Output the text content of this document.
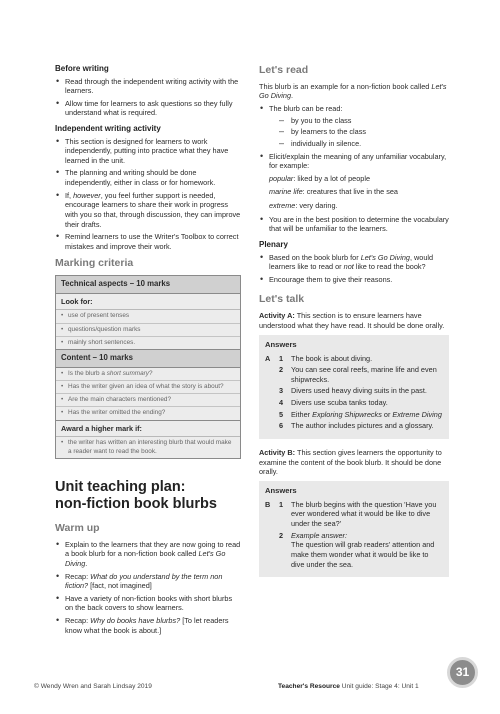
Before writing
• Read through the independent writing activity with the learners.
• Allow time for learners to ask questions so they fully understand what is required.
Independent writing activity
• This section is designed for learners to work independently, putting into practice what they have learned in the unit.
• The planning and writing should be done independently, either in class or for homework.
• If, however, you feel further support is needed, encourage learners to share their work in progress with you so that, through discussion, they can improve their drafts.
• Remind learners to use the Writer's Toolbox to correct mistakes and improve their work.
Marking criteria
Technical aspects – 10 marks
Look for:
• use of present tenses
• questions/question marks
• mainly short sentences.
Content – 10 marks
• Is the blurb a short summary?
• Has the writer given an idea of what the story is about?
• Are the main characters mentioned?
• Has the writer omitted the ending?
Award a higher mark if:
• the writer has written an interesting blurb that would make a reader want to read the book.
Unit teaching plan:
non-fiction book blurbs
Warm up
• Explain to the learners that they are now going to read a book blurb for a non-fiction book called Let's Go Diving.
• Recap: What do you understand by the term non fiction? [fact, not imagined]
• Have a variety of non-fiction books with short blurbs on the back covers to show learners.
• Recap: Why do books have blurbs? [To let readers know what the book is about.]
Let's read

This blurb is an example for a non-fiction book called Let's Go Diving.

• The blurb can be read:
– by you to the class
– by learners to the class
– individually in silence.
• Elicit/explain the meaning of any unfamiliar vocabulary, for example:

popular: liked by a lot of people

marine life: creatures that live in the sea

extreme: very daring.

• You are in the best position to determine the vocabulary that will be unfamiliar to the learners.
Plenary
• Based on the book blurb for Let's Go Diving, would learners like to read or not like to read the book?
• Encourage them to give their reasons.
Let's talk

Activity A: This section is to ensure learners have understood what they have read. It should be done orally.

Answers
A	1	The book is about diving.
2	You can see coral reefs, marine life and even shipwrecks.
3	Divers used heavy diving suits in the past.
4	Divers use scuba tanks today.
5	Either Exploring Shipwrecks or Extreme Diving
6	The author includes pictures and a glossary.

Activity B: This section gives learners the opportunity to examine the content of the book blurb. It should be done orally.

Answers
B	1	The blurb begins with the question 'Have you ever wondered what it would be like to dive under the sea?'
2	Example answer:
The question will grab readers' attention and make them wonder what it would be like to dive under the sea.
© Wendy Wren and Sarah Lindsay 2019	Teacher's Resource Unit guide: Stage 4: Unit 1
31
